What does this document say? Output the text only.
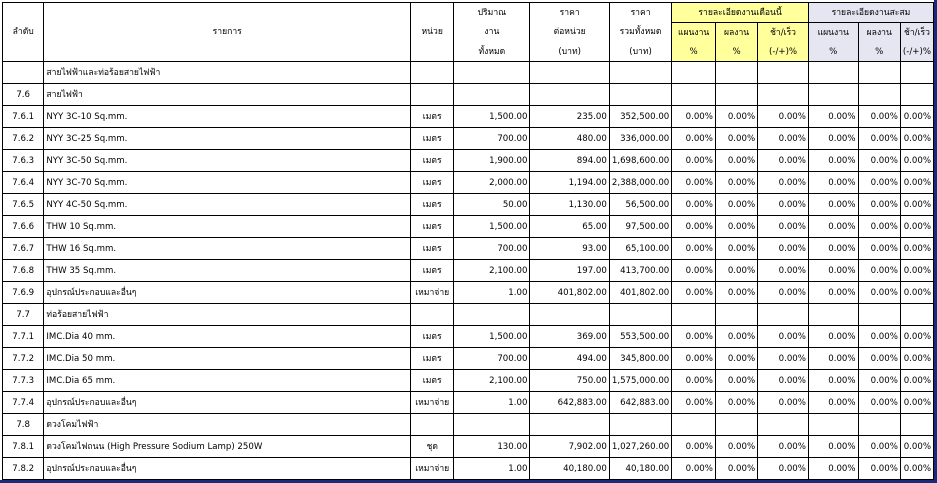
ลำดับ	รายการ	หน่วย	ปริมาณ	ราคา	ราคา	รายละเอียดงานเดือนนี้			รายละเอียดงานสะสม		
			งาน	ต่อหน่วย	รวมทั้งหมด	แผนงาน	ผลงาน	ช้า/เร็ว	แผนงาน	ผลงาน	ช้า/เร็ว
			ทั้งหมด	(บาท)	(บาท)	%	%	(-/+)%	%	%	(-/+)%
	สายไฟฟ้าและท่อร้อยสายไฟฟ้า										
7.6	สายไฟฟ้า										
7.6.1	NYY 3C-10 Sq.mm.	เมตร	1,500.00	235.00	352,500.00	0.00%	0.00%	0.00%	0.00%	0.00%	0.00%
7.6.2	NYY 3C-25 Sq.mm.	เมตร	700.00	480.00	336,000.00	0.00%	0.00%	0.00%	0.00%	0.00%	0.00%
7.6.3	NYY 3C-50 Sq.mm.	เมตร	1,900.00	894.00	1,698,600.00	0.00%	0.00%	0.00%	0.00%	0.00%	0.00%
7.6.4	NYY 3C-70 Sq.mm.	เมตร	2,000.00	1,194.00	2,388,000.00	0.00%	0.00%	0.00%	0.00%	0.00%	0.00%
7.6.5	NYY 4C-50 Sq.mm.	เมตร	50.00	1,130.00	56,500.00	0.00%	0.00%	0.00%	0.00%	0.00%	0.00%
7.6.6	THW 10 Sq.mm.	เมตร	1,500.00	65.00	97,500.00	0.00%	0.00%	0.00%	0.00%	0.00%	0.00%
7.6.7	THW 16 Sq.mm.	เมตร	700.00	93.00	65,100.00	0.00%	0.00%	0.00%	0.00%	0.00%	0.00%
7.6.8	THW 35 Sq.mm.	เมตร	2,100.00	197.00	413,700.00	0.00%	0.00%	0.00%	0.00%	0.00%	0.00%
7.6.9	อุปกรณ์ประกอบและอื่นๆ	เหมาจ่าย	1.00	401,802.00	401,802.00	0.00%	0.00%	0.00%	0.00%	0.00%	0.00%
7.7	ท่อร้อยสายไฟฟ้า										
7.7.1	IMC.Dia 40 mm.	เมตร	1,500.00	369.00	553,500.00	0.00%	0.00%	0.00%	0.00%	0.00%	0.00%
7.7.2	IMC.Dia 50 mm.	เมตร	700.00	494.00	345,800.00	0.00%	0.00%	0.00%	0.00%	0.00%	0.00%
7.7.3	IMC.Dia 65 mm.	เมตร	2,100.00	750.00	1,575,000.00	0.00%	0.00%	0.00%	0.00%	0.00%	0.00%
7.7.4	อุปกรณ์ประกอบและอื่นๆ	เหมาจ่าย	1.00	642,883.00	642,883.00	0.00%	0.00%	0.00%	0.00%	0.00%	0.00%
7.8	ดวงโคมไฟฟ้า										
7.8.1	ดวงโคมไฟถนน (High Pressure Sodium Lamp) 250W	ชุด	130.00	7,902.00	1,027,260.00	0.00%	0.00%	0.00%	0.00%	0.00%	0.00%
7.8.2	อุปกรณ์ประกอบและอื่นๆ	เหมาจ่าย	1.00	40,180.00	40,180.00	0.00%	0.00%	0.00%	0.00%	0.00%	0.00%
